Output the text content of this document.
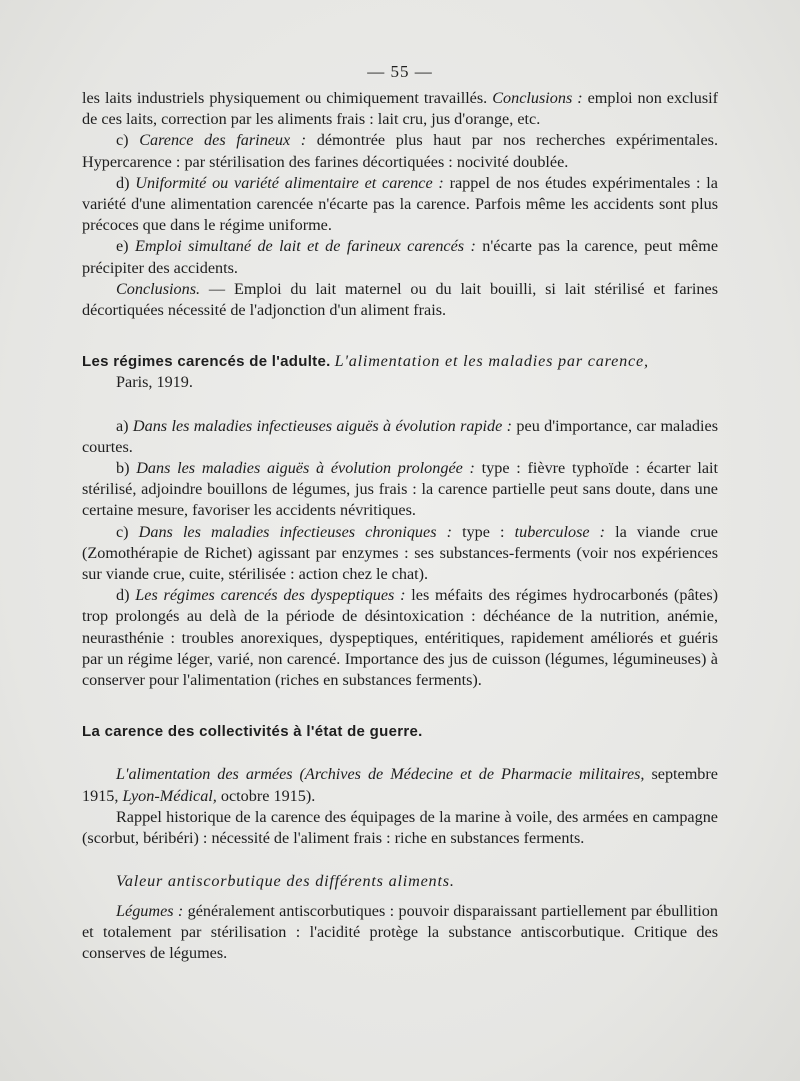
— 55 —

les laits industriels physiquement ou chimiquement travaillés. Conclusions : emploi non exclusif de ces laits, correction par les aliments frais : lait cru, jus d'orange, etc.

c) Carence des farineux : démontrée plus haut par nos recherches expérimentales. Hypercarence : par stérilisation des farines décortiquées : nocivité doublée.

d) Uniformité ou variété alimentaire et carence : rappel de nos études expérimentales : la variété d'une alimentation carencée n'écarte pas la carence. Parfois même les accidents sont plus précoces que dans le régime uniforme.

e) Emploi simultané de lait et de farineux carencés : n'écarte pas la carence, peut même précipiter des accidents.

Conclusions. — Emploi du lait maternel ou du lait bouilli, si lait stérilisé et farines décortiquées nécessité de l'adjonction d'un aliment frais.

Les régimes carencés de l'adulte. L'alimentation et les maladies par carence,
Paris, 1919.

a) Dans les maladies infectieuses aiguës à évolution rapide : peu d'importance, car maladies courtes.

b) Dans les maladies aiguës à évolution prolongée : type : fièvre typhoïde : écarter lait stérilisé, adjoindre bouillons de légumes, jus frais : la carence partielle peut sans doute, dans une certaine mesure, favoriser les accidents névritiques.

c) Dans les maladies infectieuses chroniques : type : tuberculose : la viande crue (Zomothérapie de Richet) agissant par enzymes : ses substances-ferments (voir nos expériences sur viande crue, cuite, stérilisée : action chez le chat).

d) Les régimes carencés des dyspeptiques : les méfaits des régimes hydrocarbonés (pâtes) trop prolongés au delà de la période de désintoxication : déchéance de la nutrition, anémie, neurasthénie : troubles anorexiques, dyspeptiques, entéritiques, rapidement améliorés et guéris par un régime léger, varié, non carencé. Importance des jus de cuisson (légumes, légumineuses) à conserver pour l'alimentation (riches en substances ferments).

La carence des collectivités à l'état de guerre.

L'alimentation des armées (Archives de Médecine et de Pharmacie militaires, septembre 1915, Lyon-Médical, octobre 1915).

Rappel historique de la carence des équipages de la marine à voile, des armées en campagne (scorbut, béribéri) : nécessité de l'aliment frais : riche en substances ferments.

Valeur antiscorbutique des différents aliments.

Légumes : généralement antiscorbutiques : pouvoir disparaissant partiellement par ébullition et totalement par stérilisation : l'acidité protège la substance antiscorbutique. Critique des conserves de légumes.
